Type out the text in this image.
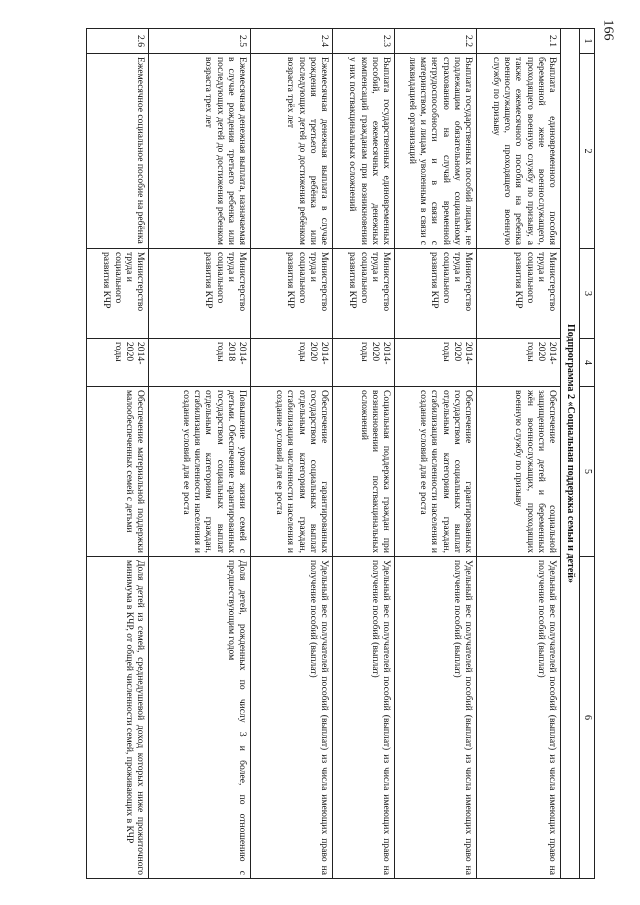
166
1	2	3	4	5	6
Подпрограмма 2 «Социальная поддержка семьи и детей»					
2.1	Выплата единовременного пособия беременной жене военнослужащего, проходящего военную службу по призыву, а также ежемесячного пособия на ребенка военнослужащего, проходящего военную службу по призыву	Министерство труда и социального развития КЧР	2014-2020 годы	Обеспечение социальной защищенности детей и беременных жён военнослужащих, проходящих военную службу по призыву	Удельный вес получателей пособий (выплат) из числа имеющих право на получение пособий (выплат)
2.2	Выплата государственных пособий лицам, не подлежащим обязательному социальному страхованию на случай временной нетрудоспособности и в связи с материнством, и лицам, уволенным в связи с ликвидацией организаций	Министерство труда и социального развития КЧР	2014-2020 годы	Обеспечение гарантированных государством социальных выплат отдельным категориям граждан, стабилизация численности населения и создание условий для ее роста	Удельный вес получателей пособий (выплат) из числа имеющих право на получение пособий (выплат)
2.3	Выплата государственных единовременных пособий, ежемесячных денежных компенсаций гражданам при возникновении у них поствакцинальных осложнений	Министерство труда и социального развития КЧР	2014-2020 годы	Социальная поддержка граждан при возникновении поствакцинальных осложнений	Удельный вес получателей пособий (выплат) из числа имеющих право на получение пособий (выплат)
2.4	Ежемесячная денежная выплата в случае рождения третьего ребёнка или последующих детей до достижения ребёнком возраста трёх лет	Министерство труда и социального развития КЧР	2014-2020 годы	Обеспечение гарантированных государством социальных выплат отдельным категориям граждан, стабилизация численности населения и создание условий для ее роста	Удельный вес получателей пособий (выплат) из числа имеющих право на получение пособий (выплат)
2.5	Ежемесячная денежная выплата, назначаемая в случае рождения третьего ребенка или последующих детей до достижения ребенком возраста трех лет	Министерство труда и социального развития КЧР	2014-2018 годы	Повышение уровня жизни семей с детьми. Обеспечение гарантированных государством социальных выплат отдельным категориям граждан, стабилизация численности населения и создание условий для ее роста	Доля детей, рожденных по числу 3 и более, по отношению с предшествующим годом
2.6	Ежемесячное социальное пособие на ребёнка	Министерство труда и социального развития КЧР	2014-2020 годы	Обеспечение материальной поддержки малообеспеченных семей с детьми	Доля детей из семей, среднедушевой доход которых ниже прожиточного минимума в КЧР, от общей численности семей, проживающих в КЧР
